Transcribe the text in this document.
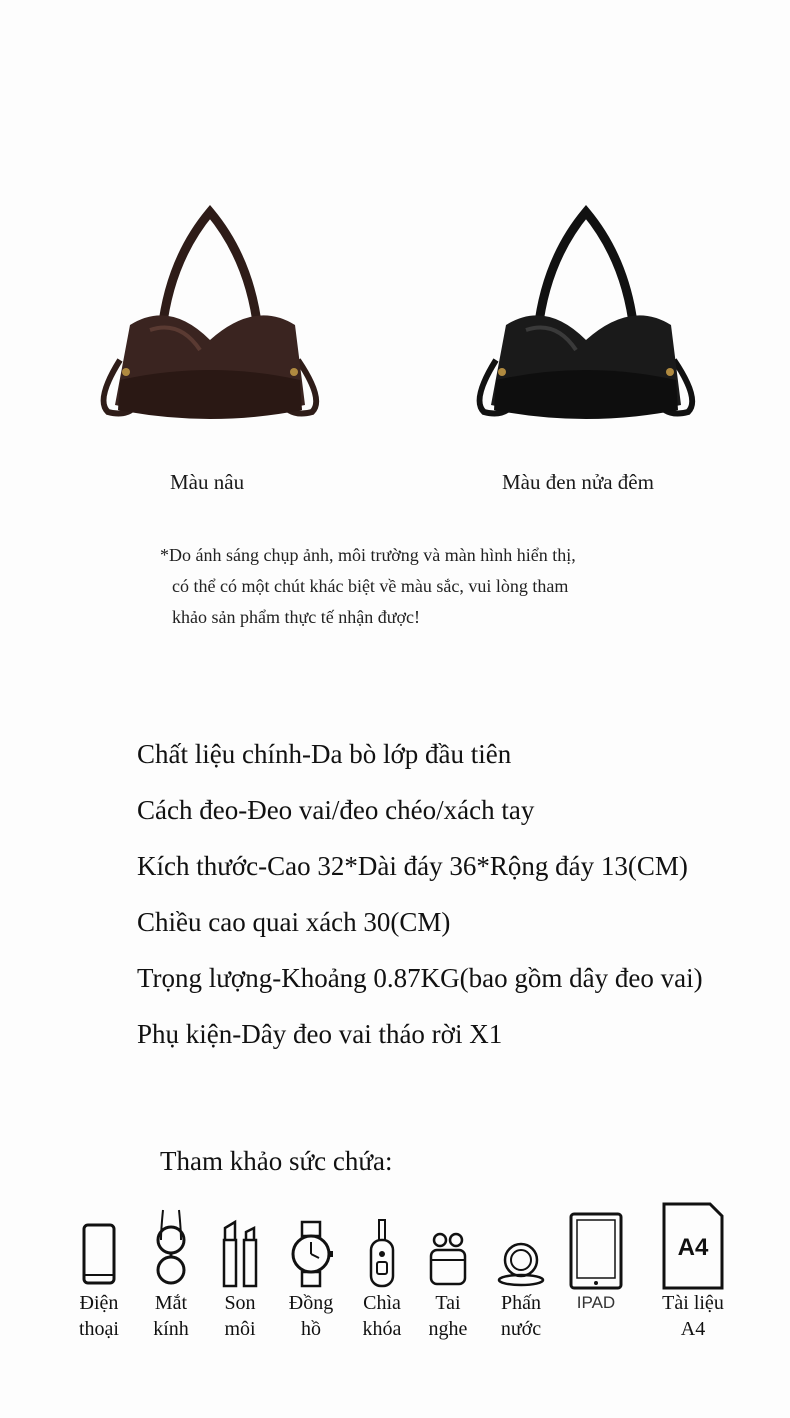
Màu nâu	Màu đen nửa đêm
*Do ánh sáng chụp ảnh, môi trường và màn hình hiển thị,
có thể có một chút khác biệt về màu sắc, vui lòng tham
khảo sản phẩm thực tế nhận được!
Chất liệu chính-Da bò lớp đầu tiên
Cách đeo-Đeo vai/đeo chéo/xách tay
Kích thước-Cao 32*Dài đáy 36*Rộng đáy 13(CM)
Chiều cao quai xách 30(CM)
Trọng lượng-Khoảng 0.87KG(bao gồm dây đeo vai)
Phụ kiện-Dây đeo vai tháo rời X1
Tham khảo sức chứa:
Điện
thoại
Mắt
kính
Son
môi
Đồng
hồ
Chìa
khóa
Tai
nghe
Phấn
nước
IPAD
A4
Tài liệu
A4
